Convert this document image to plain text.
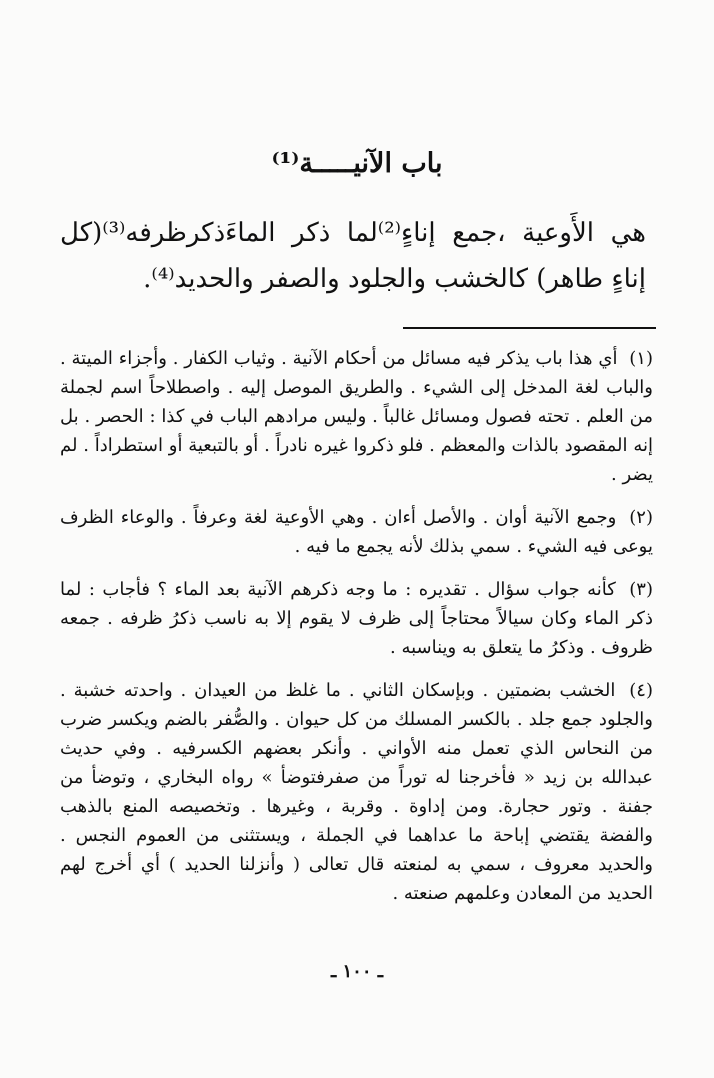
باب الآنيـــــة⁽¹⁾
هي الأَوعية ،جمع إناءٍ⁽²⁾لما ذكر الماءَذكرظرفه⁽³⁾(كل إناءٍ طاهر) كالخشب والجلود والصفر والحديد⁽⁴⁾.

(١) أي هذا باب يذكر فيه مسائل من أحكام الآنية . وثياب الكفار . وأجزاء الميتة . والباب لغة المدخل إلى الشيء . والطريق الموصل إليه . واصطلاحاً اسم لجملة من العلم . تحته فصول ومسائل غالباً . وليس مرادهم الباب في كذا : الحصر . بل إنه المقصود بالذات والمعظم . فلو ذكروا غيره نادراً . أو بالتبعية أو استطراداً . لم يضر .

(٢) وجمع الآنية أوان . والأصل أءان . وهي الأوعية لغة وعرفاً . والوعاء الظرف يوعى فيه الشيء . سمي بذلك لأنه يجمع ما فيه .

(٣) كأنه جواب سؤال . تقديره : ما وجه ذكرهم الآنية بعد الماء ؟ فأجاب : لما ذكر الماء وكان سيالاً محتاجاً إلى ظرف لا يقوم إلا به ناسب ذكرُ ظرفه . جمعه ظروف . وذكرُ ما يتعلق به ويناسبه .

(٤) الخشب بضمتين . وبإسكان الثاني . ما غلظ من العيدان . واحدته خشبة . والجلود جمع جلد . بالكسر المسلك من كل حيوان . والصُّفر بالضم ويكسر ضرب من النحاس الذي تعمل منه الأواني . وأنكر بعضهم الكسرفيه . وفي حديث عبدالله بن زيد « فأخرجنا له توراً من صفرفتوضأ » رواه البخاري ، وتوضأ من جفنة . وتور حجارة. ومن إداوة . وقربة ، وغيرها . وتخصيصه المنع بالذهب والفضة يقتضي إباحة ما عداهما في الجملة ، ويستثنى من العموم النجس . والحديد معروف ، سمي به لمنعته قال تعالى ( وأنزلنا الحديد ) أي أخرج لهم الحديد من المعادن وعلمهم صنعته .

ـ ١٠٠ ـ
